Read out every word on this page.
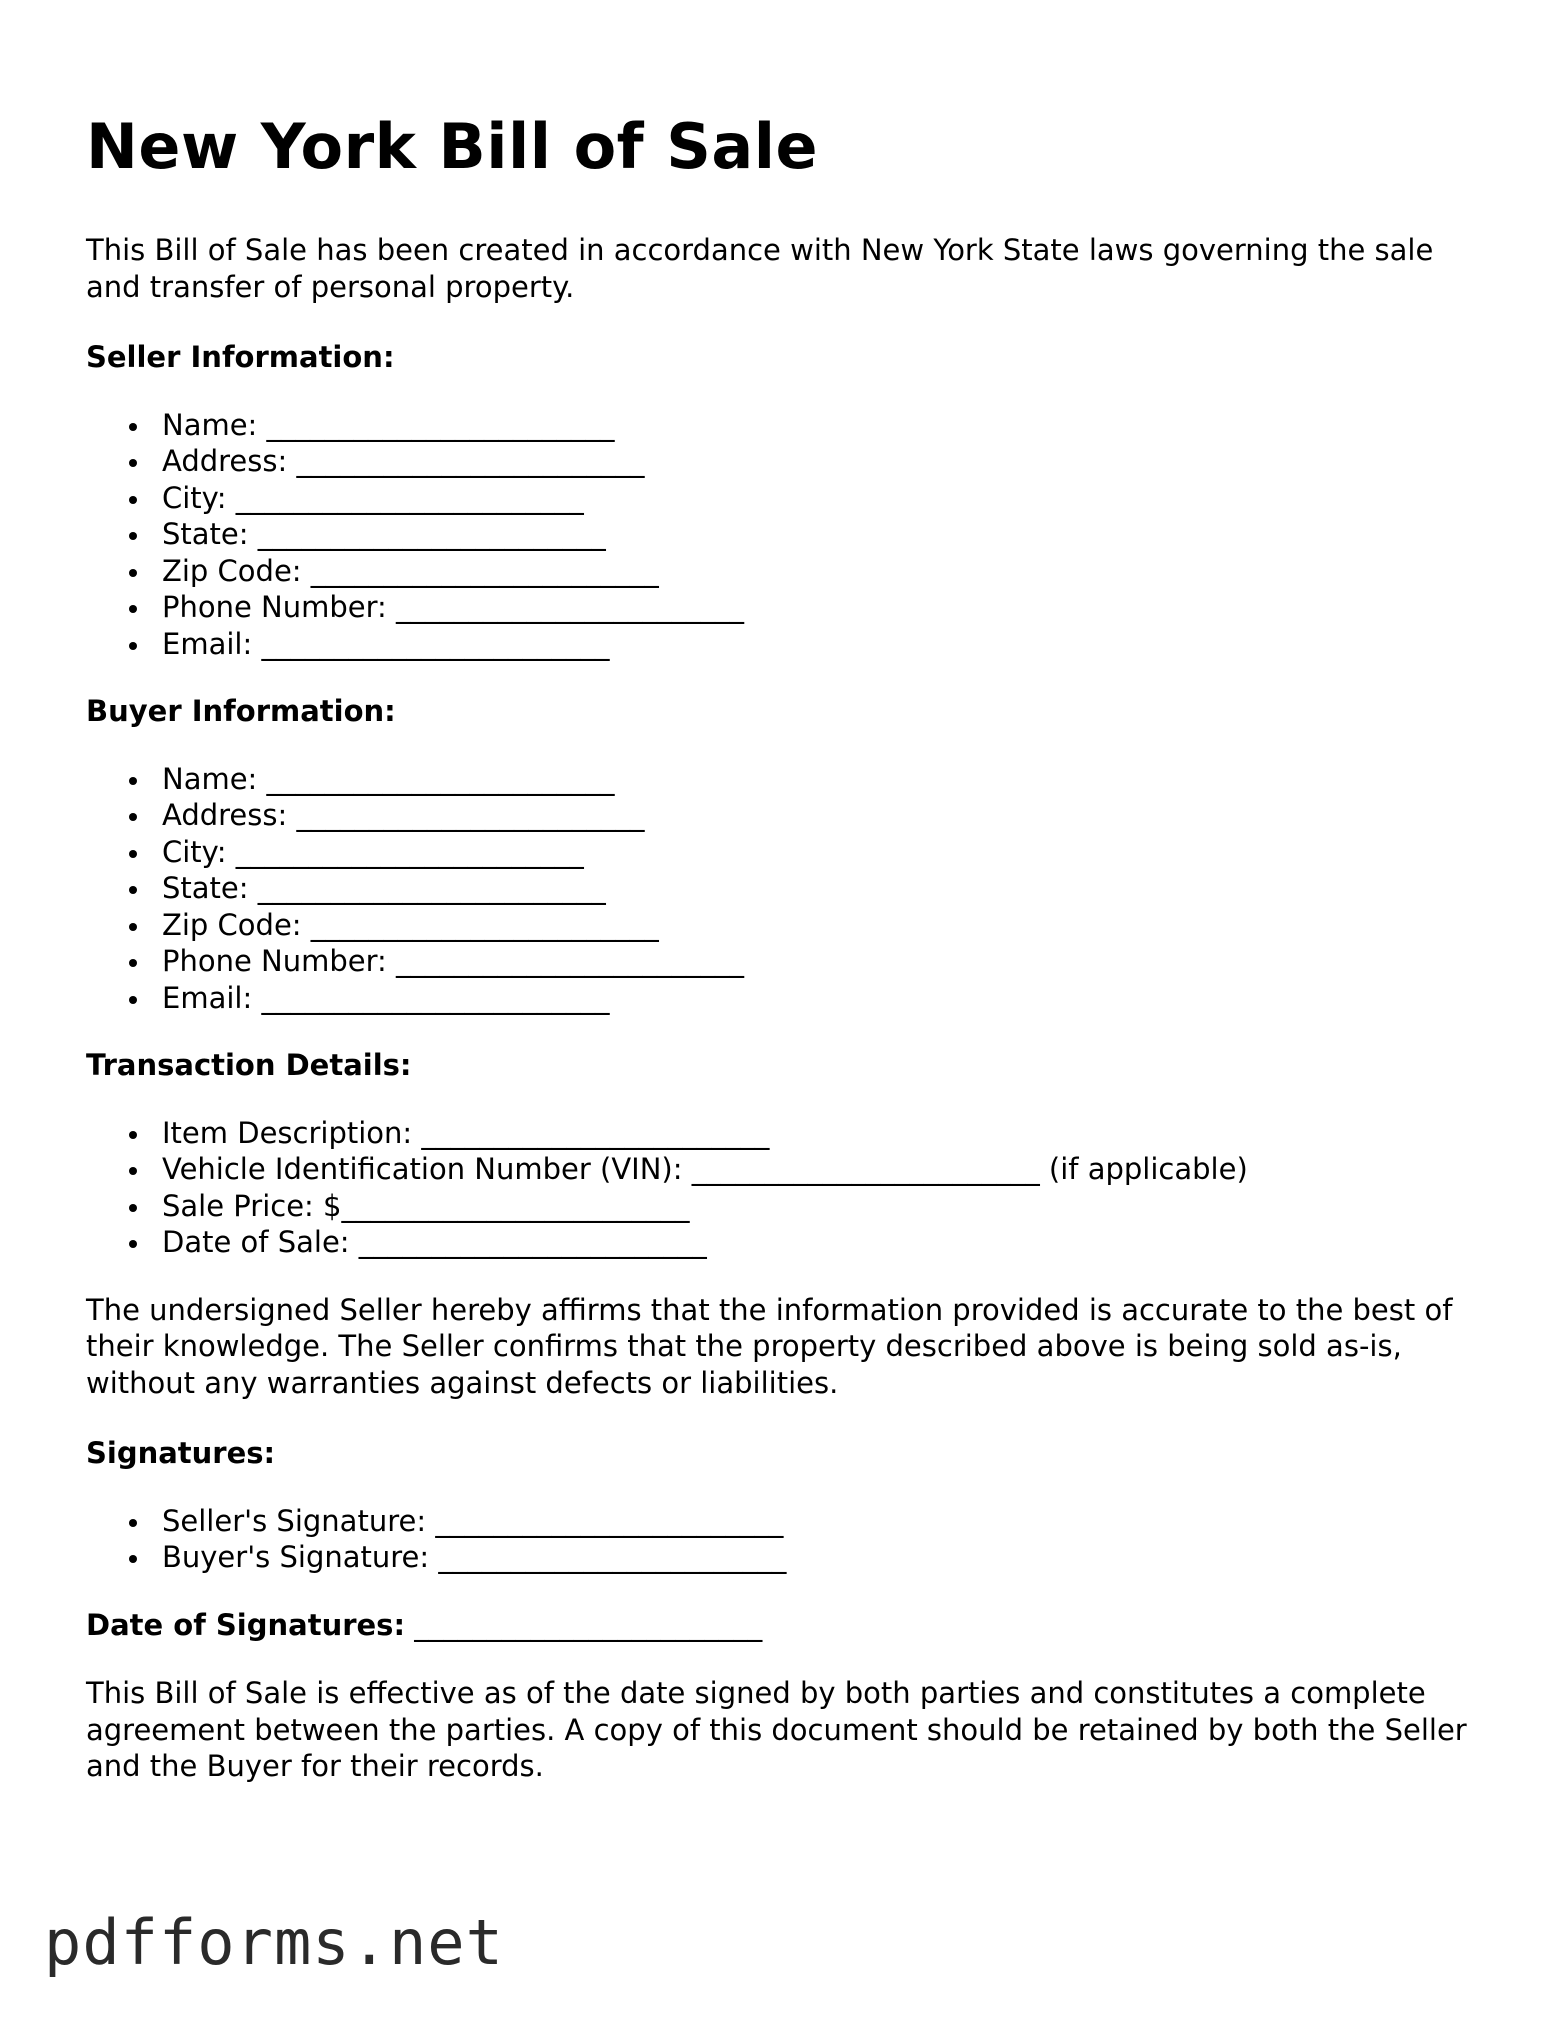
New York Bill of Sale

This Bill of Sale has been created in accordance with New York State laws governing the sale and transfer of personal property.

Seller Information:
Name: ________________________
Address: ________________________
City: ________________________
State: ________________________
Zip Code: ________________________
Phone Number: ________________________
Email: ________________________
Buyer Information:
Name: ________________________
Address: ________________________
City: ________________________
State: ________________________
Zip Code: ________________________
Phone Number: ________________________
Email: ________________________
Transaction Details:
Item Description: ________________________
Vehicle Identification Number (VIN): ________________________ (if applicable)
Sale Price: $________________________
Date of Sale: ________________________

The undersigned Seller hereby affirms that the information provided is accurate to the best of their knowledge. The Seller confirms that the property described above is being sold as-is, without any warranties against defects or liabilities.

Signatures:
Seller's Signature: ________________________
Buyer's Signature: ________________________
Date of Signatures: ________________________

This Bill of Sale is effective as of the date signed by both parties and constitutes a complete agreement between the parties. A copy of this document should be retained by both the Seller and the Buyer for their records.

pdfforms.net
